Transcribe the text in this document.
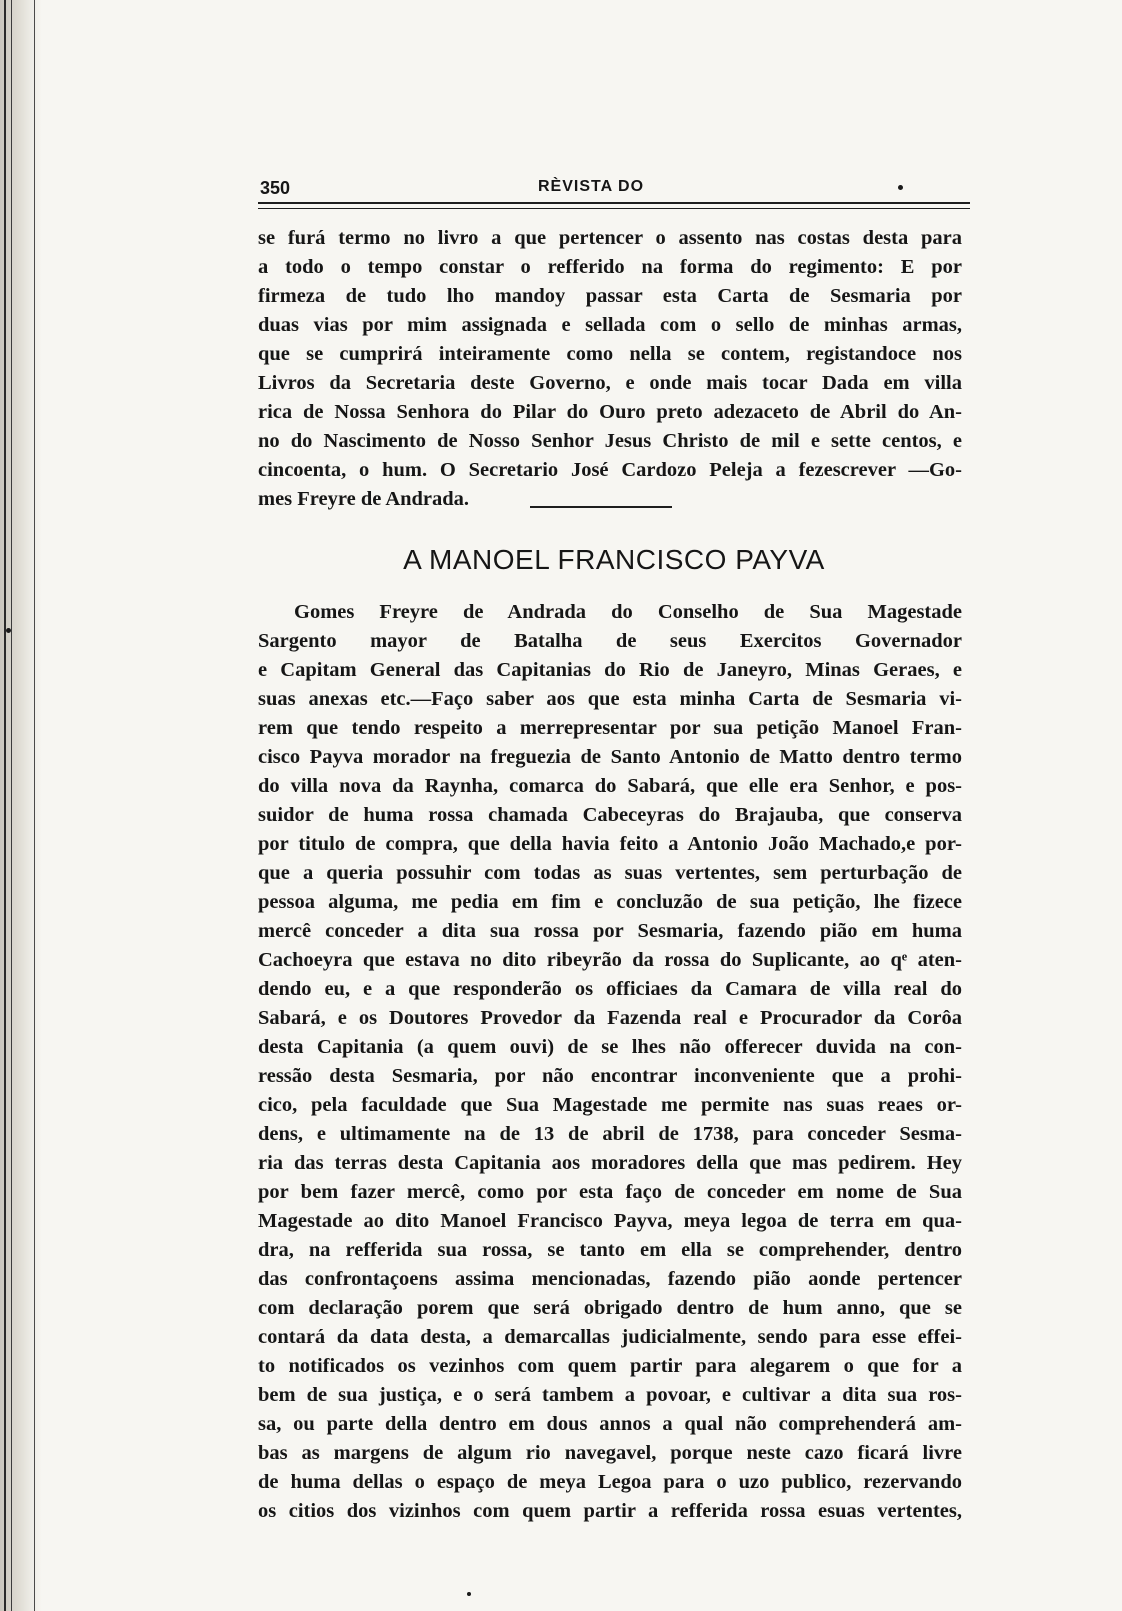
350	RÈVISTA DO
se furá termo no livro a que pertencer o assento nas costas desta para
a todo o tempo constar o refferido na forma do regimento: E por
firmeza de tudo lho mandoy passar esta Carta de Sesmaria por
duas vias por mim assignada e sellada com o sello de minhas armas,
que se cumprirá inteiramente como nella se contem, registandoce nos
Livros da Secretaria deste Governo, e onde mais tocar Dada em villa
rica de Nossa Senhora do Pilar do Ouro preto adezaceto de Abril do An-
no do Nascimento de Nosso Senhor Jesus Christo de mil e sette centos, e
cincoenta, o hum. O Secretario José Cardozo Peleja a fezescrever —Go-
mes Freyre de Andrada.
A MANOEL FRANCISCO PAYVA
Gomes Freyre de Andrada do Conselho de Sua Magestade
Sargento mayor de Batalha de seus Exercitos Governador
e Capitam General das Capitanias do Rio de Janeyro, Minas Geraes, e
suas anexas etc.—Faço saber aos que esta minha Carta de Sesmaria vi-
rem que tendo respeito a merrepresentar por sua petição Manoel Fran-
cisco Payva morador na freguezia de Santo Antonio de Matto dentro termo
do villa nova da Raynha, comarca do Sabará, que elle era Senhor, e pos-
suidor de huma rossa chamada Cabeceyras do Brajauba, que conserva
por titulo de compra, que della havia feito a Antonio João Machado,e por-
que a queria possuhir com todas as suas vertentes, sem perturbação de
pessoa alguma, me pedia em fim e concluzão de sua petição, lhe fizece
mercê conceder a dita sua rossa por Sesmaria, fazendo pião em huma
Cachoeyra que estava no dito ribeyrão da rossa do Suplicante, ao qᵉ aten-
dendo eu, e a que responderão os officiaes da Camara de villa real do
Sabará, e os Doutores Provedor da Fazenda real e Procurador da Corôa
desta Capitania (a quem ouvi) de se lhes não offerecer duvida na con-
ressão desta Sesmaria, por não encontrar inconveniente que a prohi-
cico, pela faculdade que Sua Magestade me permite nas suas reaes or-
dens, e ultimamente na de 13 de abril de 1738, para conceder Sesma-
ria das terras desta Capitania aos moradores della que mas pedirem. Hey
por bem fazer mercê, como por esta faço de conceder em nome de Sua
Magestade ao dito Manoel Francisco Payva, meya legoa de terra em qua-
dra, na refferida sua rossa, se tanto em ella se comprehender, dentro
das confrontaçoens assima mencionadas, fazendo pião aonde pertencer
com declaração porem que será obrigado dentro de hum anno, que se
contará da data desta, a demarcallas judicialmente, sendo para esse effei-
to notificados os vezinhos com quem partir para alegarem o que for a
bem de sua justiça, e o será tambem a povoar, e cultivar a dita sua ros-
sa, ou parte della dentro em dous annos a qual não comprehenderá am-
bas as margens de algum rio navegavel, porque neste cazo ficará livre
de huma dellas o espaço de meya Legoa para o uzo publico, rezervando
os citios dos vizinhos com quem partir a refferida rossa esuas vertentes,
